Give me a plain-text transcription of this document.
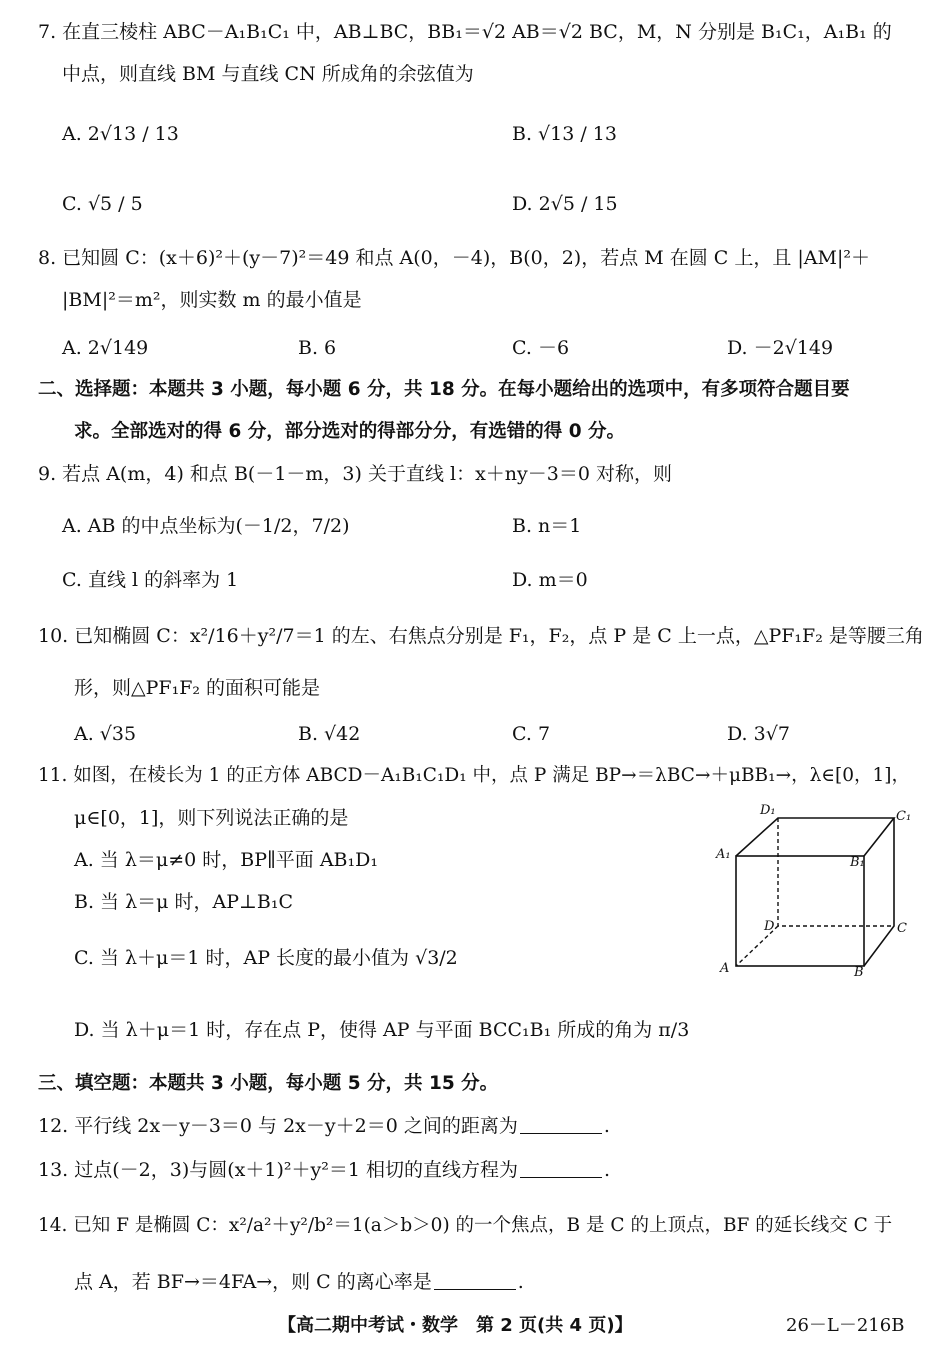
7. 在直三棱柱 ABC－A₁B₁C₁ 中，AB⊥BC，BB₁＝√2 AB＝√2 BC，M，N 分别是 B₁C₁，A₁B₁ 的
中点，则直线 BM 与直线 CN 所成角的余弦值为
A. 2√13 / 13	B. √13 / 13
C. √5 / 5	D. 2√5 / 15
8. 已知圆 C：(x＋6)²＋(y－7)²＝49 和点 A(0，－4)，B(0，2)，若点 M 在圆 C 上，且 |AM|²＋
|BM|²＝m²，则实数 m 的最小值是
A. 2√149	B. 6	C. －6	D. －2√149
二、选择题：本题共 3 小题，每小题 6 分，共 18 分。在每小题给出的选项中，有多项符合题目要
求。全部选对的得 6 分，部分选对的得部分分，有选错的得 0 分。
9. 若点 A(m，4) 和点 B(－1－m，3) 关于直线 l：x＋ny－3＝0 对称，则
A. AB 的中点坐标为(－1/2，7/2)	B. n＝1
C. 直线 l 的斜率为 1	D. m＝0
10. 已知椭圆 C：x²/16＋y²/7＝1 的左、右焦点分别是 F₁，F₂，点 P 是 C 上一点，△PF₁F₂ 是等腰三角
形，则△PF₁F₂ 的面积可能是
A. √35	B. √42	C. 7	D. 3√7
11. 如图，在棱长为 1 的正方体 ABCD－A₁B₁C₁D₁ 中，点 P 满足 BP→＝λBC→＋μBB₁→，λ∈[0，1]，
μ∈[0，1]，则下列说法正确的是
A. 当 λ＝μ≠0 时，BP∥平面 AB₁D₁
B. 当 λ＝μ 时，AP⊥B₁C
C. 当 λ＋μ＝1 时，AP 长度的最小值为 √3/2
D. 当 λ＋μ＝1 时，存在点 P，使得 AP 与平面 BCC₁B₁ 所成的角为 π/3
D₁	C₁
A₁
B₁
D	C
A	B
三、填空题：本题共 3 小题，每小题 5 分，共 15 分。
12. 平行线 2x－y－3＝0 与 2x－y＋2＝0 之间的距离为	.
13. 过点(－2，3)与圆(x＋1)²＋y²＝1 相切的直线方程为	.
14. 已知 F 是椭圆 C：x²/a²＋y²/b²＝1(a＞b＞0) 的一个焦点，B 是 C 的上顶点，BF 的延长线交 C 于
点 A，若 BF→＝4FA→，则 C 的离心率是	.
【高二期中考试・数学　第 2 页(共 4 页)】	26－L－216B
